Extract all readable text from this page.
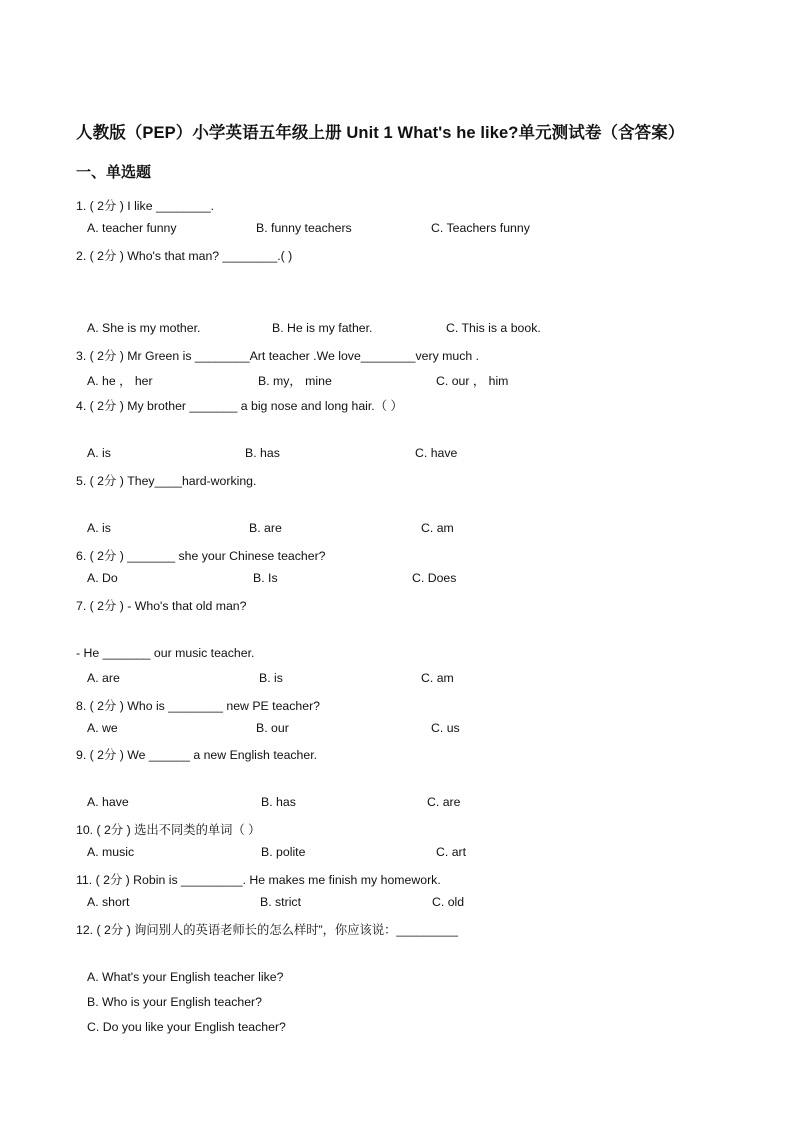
人教版（PEP）小学英语五年级上册 Unit 1 What's he like?单元测试卷（含答案）
一、单选题
1. ( 2分 ) I like ________.
A. teacher funny	B. funny teachers	C. Teachers funny
2. ( 2分 ) Who's that man? ________.( )
A. She is my mother.	B. He is my father.	C. This is a book.
3. ( 2分 ) Mr Green is ________Art teacher .We love________very much .
A. he ， her	B. my， mine	C. our ， him
4. ( 2分 ) My brother _______ a big nose and long hair.（ ）
A. is	B. has	C. have
5. ( 2分 ) They____hard-working.
A. is	B. are	C. am
6. ( 2分 ) _______ she your Chinese teacher?
A. Do	B. Is	C. Does
7. ( 2分 ) - Who's that old man?
- He _______ our music teacher.
A. are	B. is	C. am
8. ( 2分 ) Who is ________ new PE teacher?
A. we	B. our	C. us
9. ( 2分 ) We ______ a new English teacher.
A. have	B. has	C. are
10. ( 2分 ) 选出不同类的单词（ ）
A. music	B. polite	C. art
11. ( 2分 ) Robin is _________. He makes me finish my homework.
A. short	B. strict	C. old
12. ( 2分 ) 询问别人的英语老师长的怎么样时”，你应该说：_________
A. What's your English teacher like?
B. Who is your English teacher?
C. Do you like your English teacher?
